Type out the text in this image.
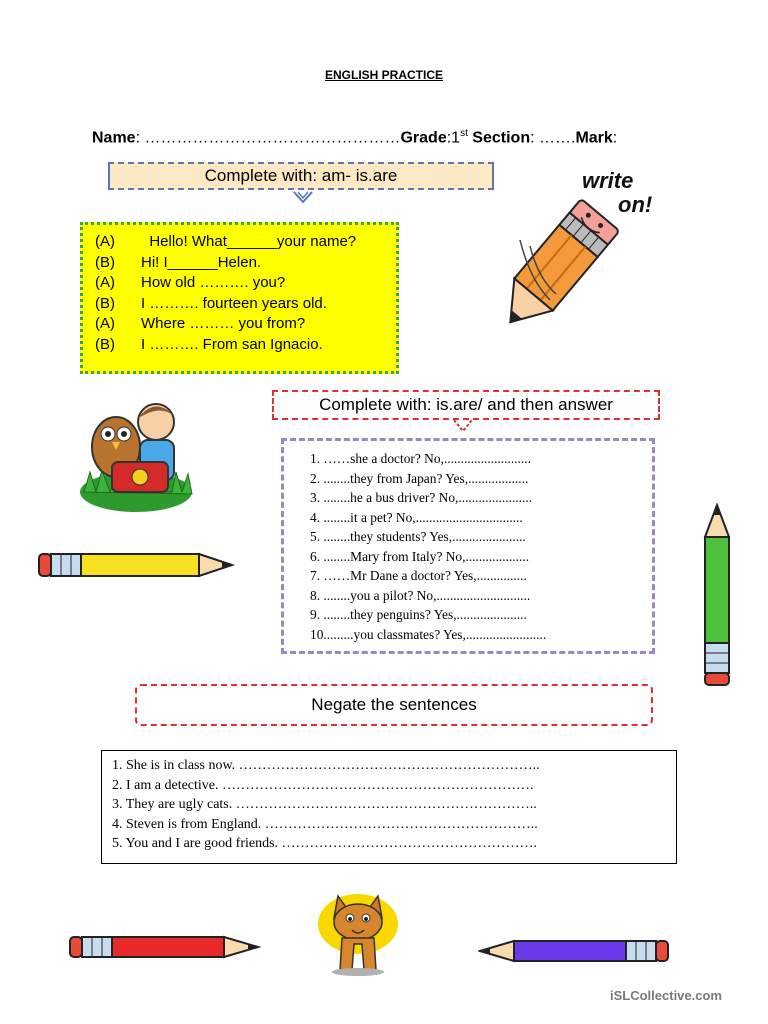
ENGLISH PRACTICE
Name: …………………………………………Grade:1st Section: …….Mark:
Complete with: am- is.are
(A)	Hello! What______your name?
(B)	Hi! I______Helen.
(A)	How old ………. you?
(B)	I ………. fourteen years old.
(A)	Where ……… you from?
(B)	I ………. From san Ignacio.
write
on!
Complete with: is.are/ and then answer
1. ……she a doctor? No,..........................
2. ........they from Japan? Yes,..................
3. ........he a bus driver? No,......................
4. ........it a pet? No,................................
5. ........they students? Yes,......................
6. ........Mary from Italy? No,...................
7. ……Mr Dane a doctor? Yes,...............
8. ........you a pilot? No,............................
9. ........they penguins? Yes,.....................
10.........you classmates? Yes,........................
Negate the sentences
1. She is in class now. ………………………………………………………..
2. I am a detective. ………………………………………………………….
3. They are ugly cats. ………………………………………………………..
4. Steven is from England. …………………………………………………..
5. You and I are good friends. ……………………………………………….
iSLCollective.com
